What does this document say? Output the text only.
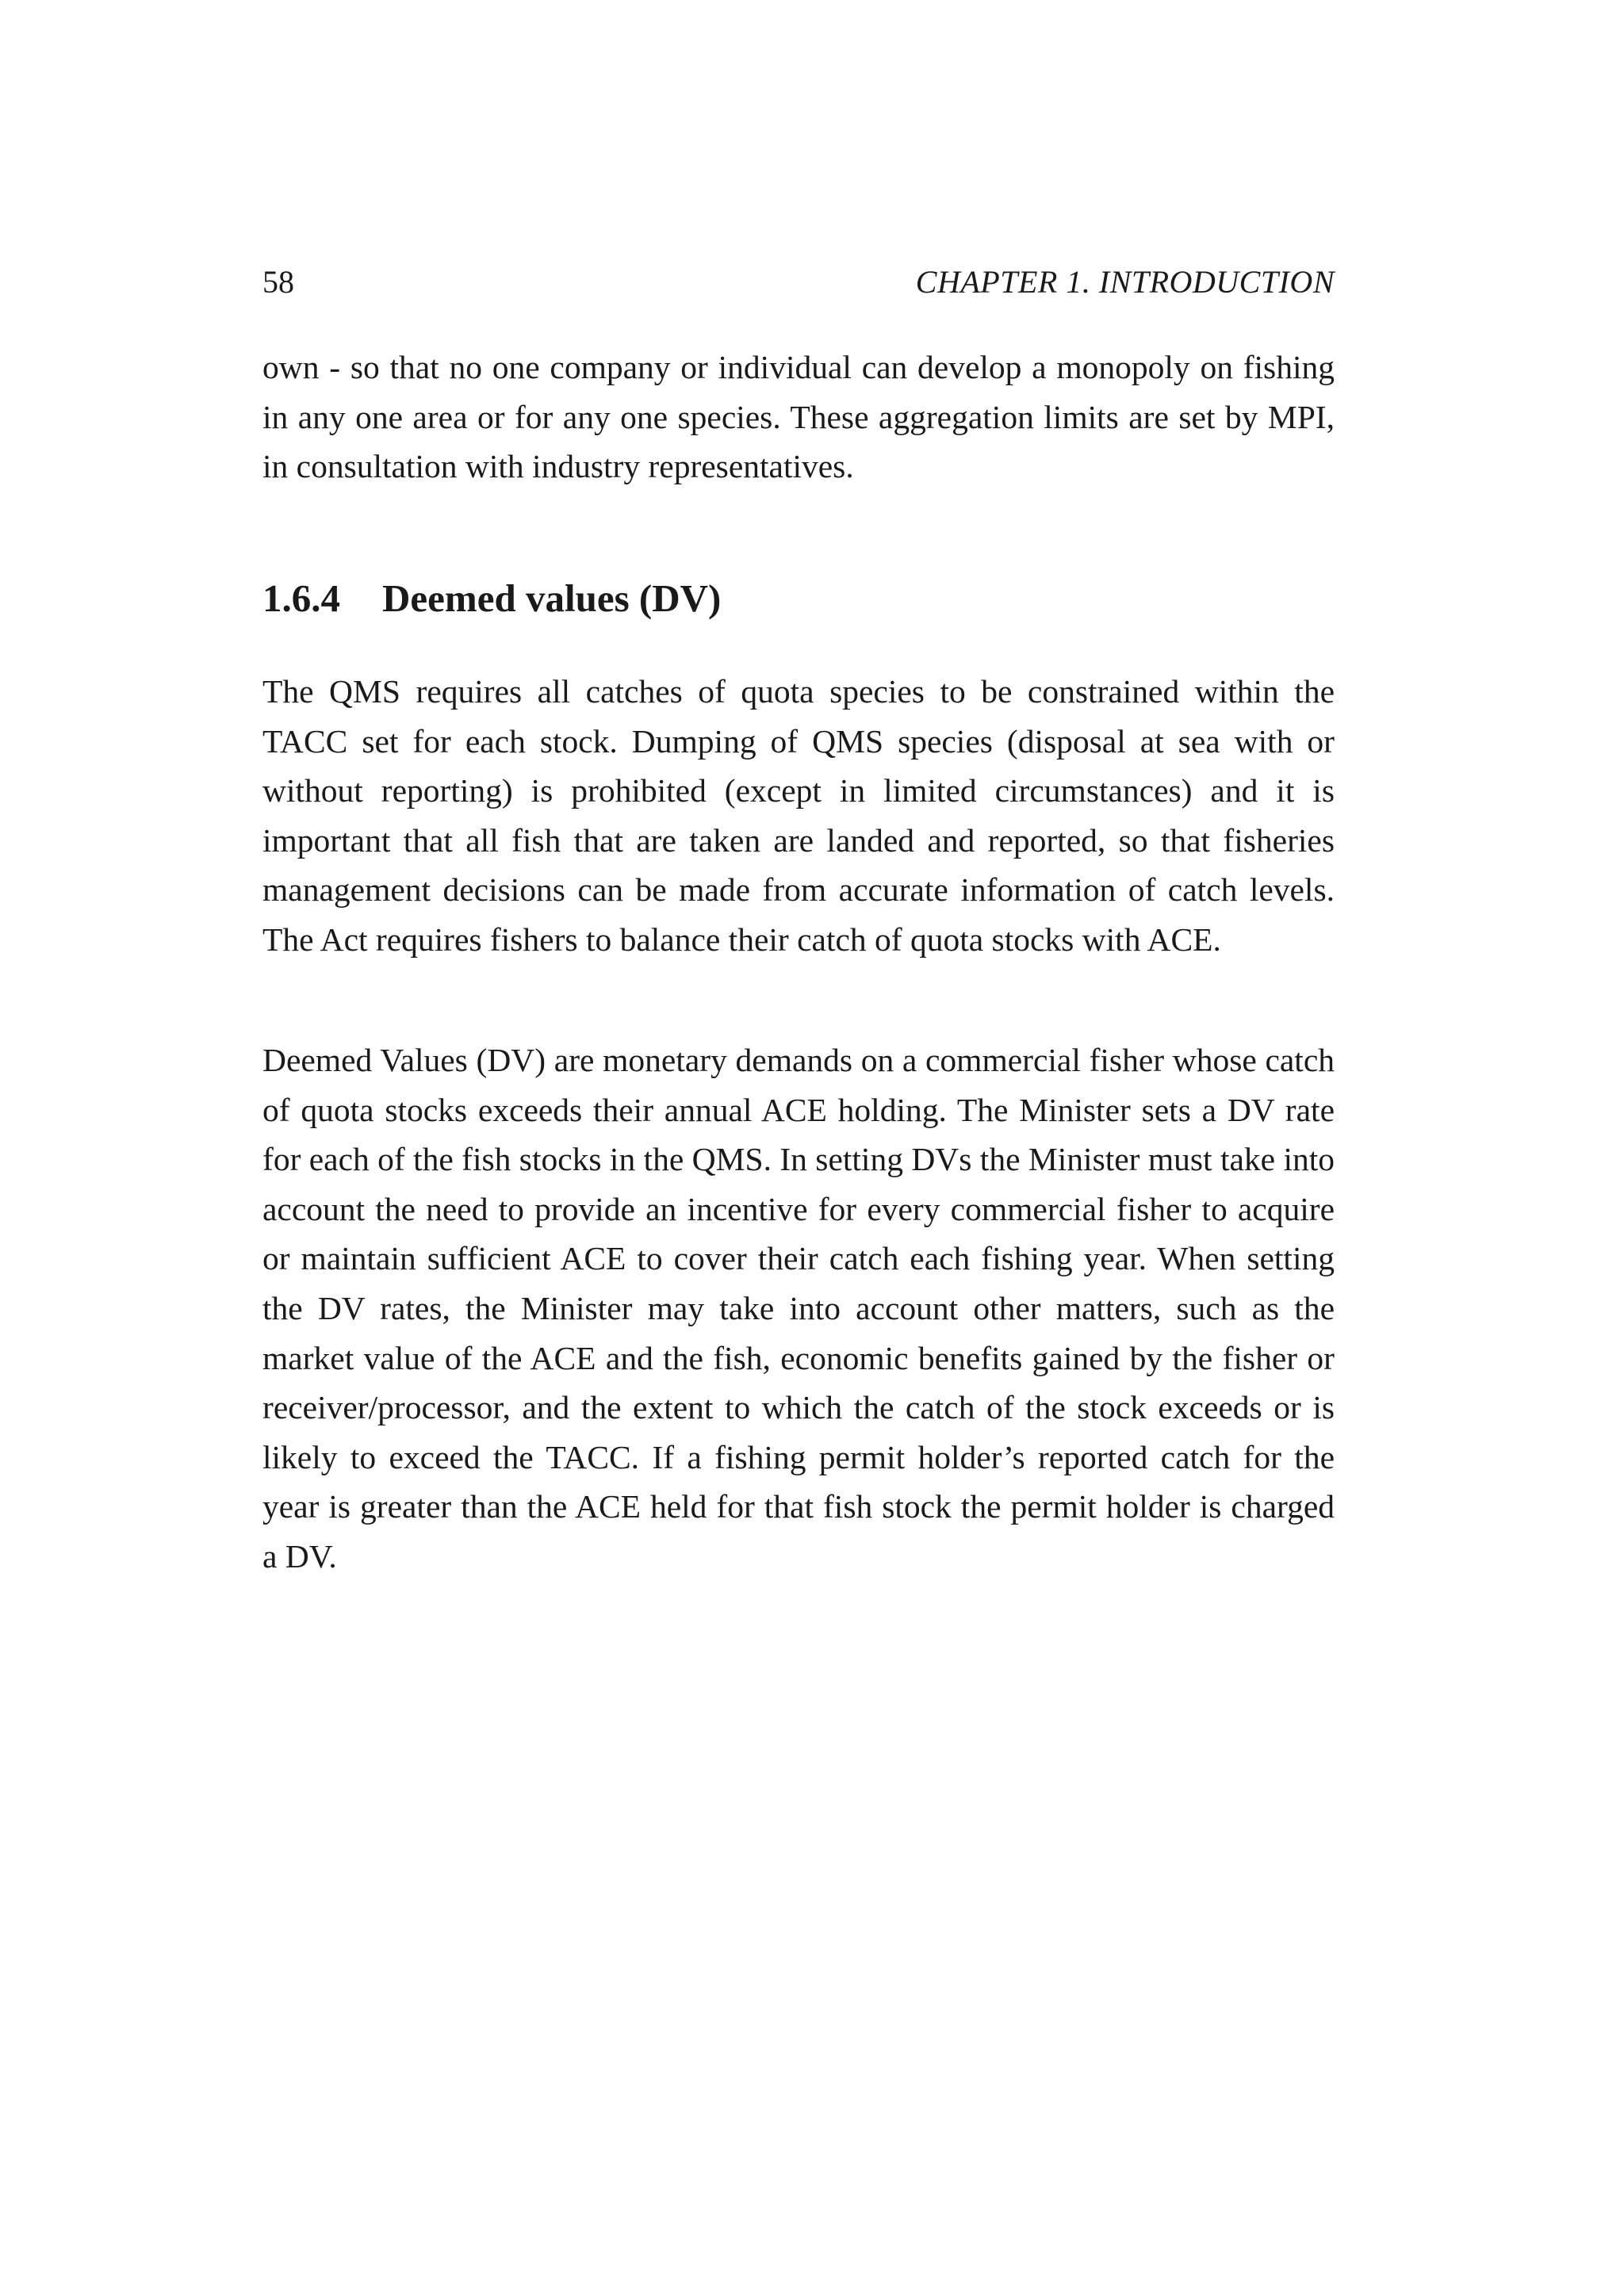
58	CHAPTER 1. INTRODUCTION

own - so that no one company or individual can develop a monopoly on fishing in any one area or for any one species. These aggregation limits are set by MPI, in consultation with industry representatives.

1.6.4 Deemed values (DV)

The QMS requires all catches of quota species to be constrained within the TACC set for each stock. Dumping of QMS species (disposal at sea with or without reporting) is prohibited (except in limited circumstances) and it is important that all fish that are taken are landed and reported, so that fisheries management decisions can be made from accurate information of catch levels. The Act requires fishers to balance their catch of quota stocks with ACE.

Deemed Values (DV) are monetary demands on a commercial fisher whose catch of quota stocks exceeds their annual ACE holding. The Minister sets a DV rate for each of the fish stocks in the QMS. In setting DVs the Minister must take into account the need to provide an incentive for every commercial fisher to acquire or maintain sufficient ACE to cover their catch each fishing year. When setting the DV rates, the Minister may take into account other matters, such as the market value of the ACE and the fish, economic benefits gained by the fisher or receiver/processor, and the extent to which the catch of the stock exceeds or is likely to exceed the TACC. If a fishing permit holder’s reported catch for the year is greater than the ACE held for that fish stock the permit holder is charged a DV.
